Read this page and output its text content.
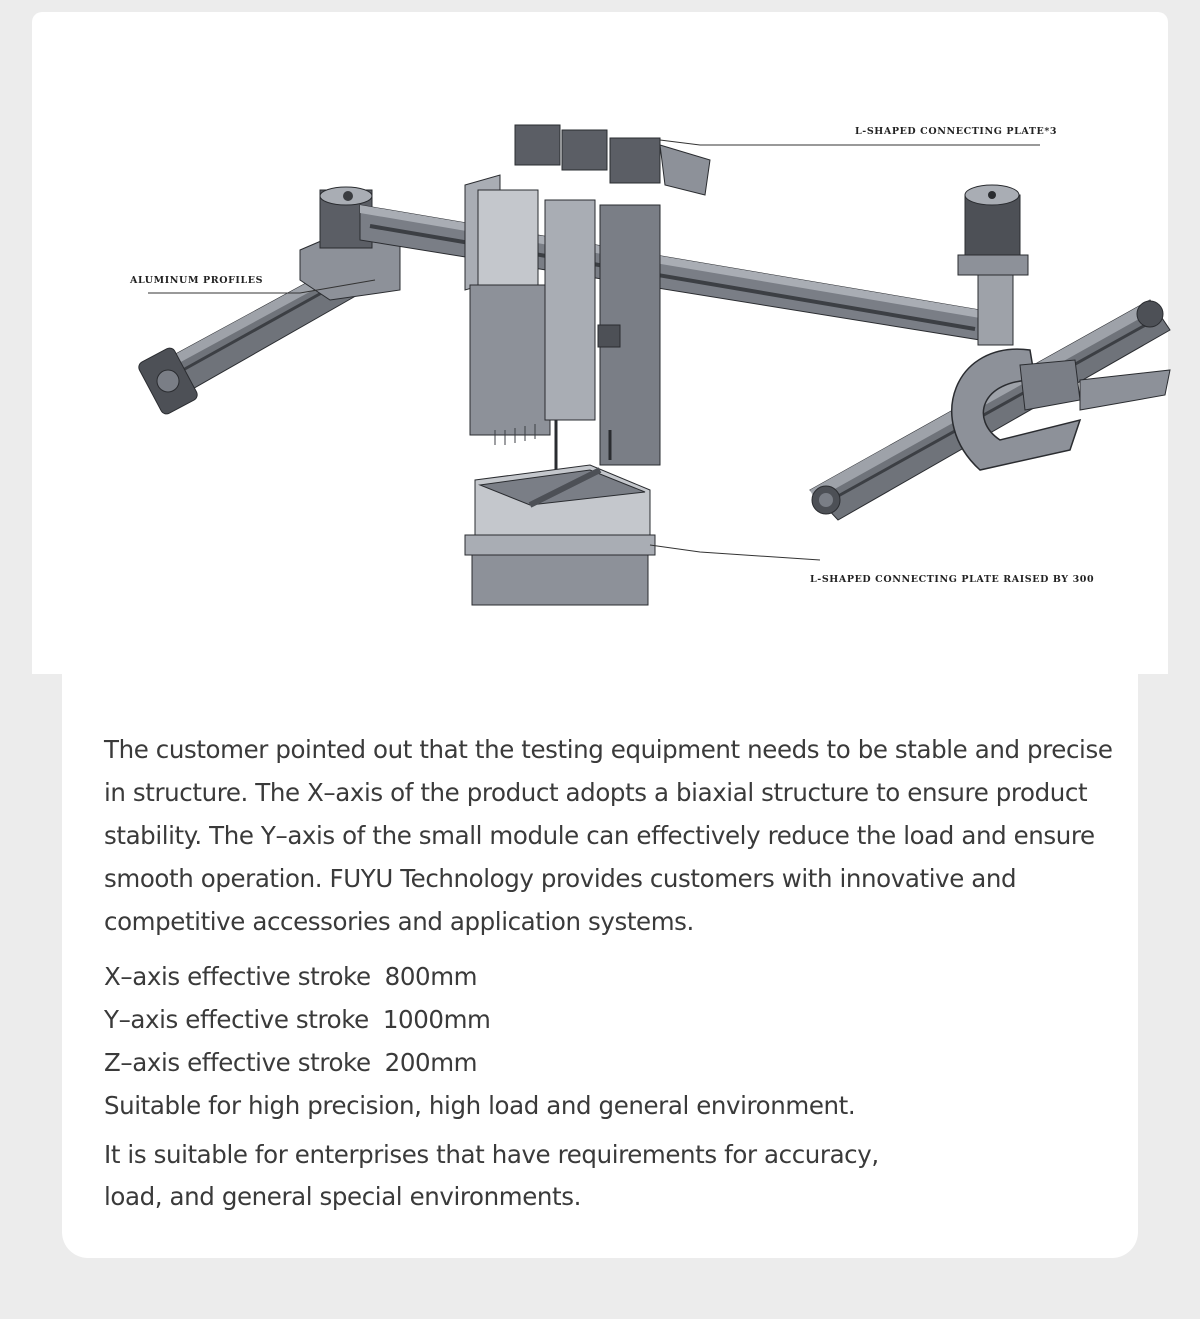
L-SHAPED CONNECTING PLATE*3
ALUMINUM PROFILES
L-SHAPED CONNECTING PLATE RAISED BY 300

The customer pointed out that the testing equipment needs to be stable and precise in structure. The X–axis of the product adopts a biaxial structure to ensure product stability. The Y–axis of the small module can effectively reduce the load and ensure smooth operation. FUYU Technology provides customers with innovative and competitive accessories and application systems.

X–axis effective stroke 800mm
Y–axis effective stroke 1000mm
Z–axis effective stroke 200mm
Suitable for high precision, high load and general environment.
It is suitable for enterprises that have requirements for accuracy, load, and general special environments.
